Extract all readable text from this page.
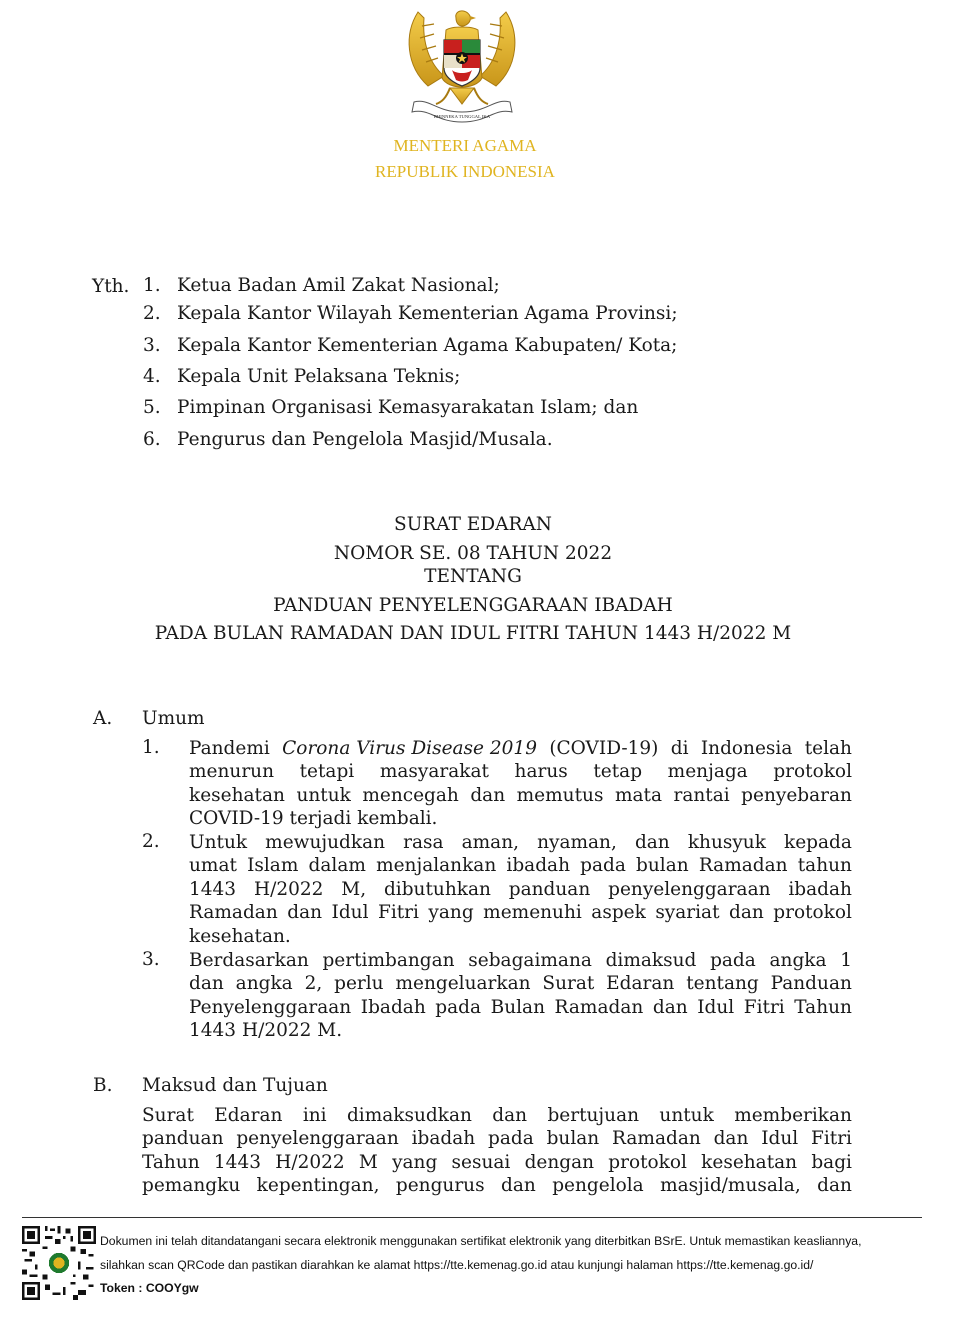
BHINNEKA TUNGGAL IKA
MENTERI AGAMA
REPUBLIK INDONESIA
Yth. 1. Ketua Badan Amil Zakat Nasional;
2. Kepala Kantor Wilayah Kementerian Agama Provinsi;
3. Kepala Kantor Kementerian Agama Kabupaten/ Kota;
4. Kepala Unit Pelaksana Teknis;
5. Pimpinan Organisasi Kemasyarakatan Islam; dan
6. Pengurus dan Pengelola Masjid/Musala.
SURAT EDARAN
NOMOR SE. 08 TAHUN 2022
TENTANG
PANDUAN PENYELENGGARAAN IBADAH
PADA BULAN RAMADAN DAN IDUL FITRI TAHUN 1443 H/2022 M
A. Umum
1. Pandemi Corona Virus Disease 2019 (COVID-19) di Indonesia telah
menurun tetapi masyarakat harus tetap menjaga protokol
kesehatan untuk mencegah dan memutus mata rantai penyebaran
COVID-19 terjadi kembali.
2. Untuk mewujudkan rasa aman, nyaman, dan khusyuk kepada
umat Islam dalam menjalankan ibadah pada bulan Ramadan tahun
1443 H/2022 M, dibutuhkan panduan penyelenggaraan ibadah
Ramadan dan Idul Fitri yang memenuhi aspek syariat dan protokol
kesehatan.
3. Berdasarkan pertimbangan sebagaimana dimaksud pada angka 1
dan angka 2, perlu mengeluarkan Surat Edaran tentang Panduan
Penyelenggaraan Ibadah pada Bulan Ramadan dan Idul Fitri Tahun
1443 H/2022 M.
B. Maksud dan Tujuan
Surat Edaran ini dimaksudkan dan bertujuan untuk memberikan
panduan penyelenggaraan ibadah pada bulan Ramadan dan Idul Fitri
Tahun 1443 H/2022 M yang sesuai dengan protokol kesehatan bagi
pemangku kepentingan, pengurus dan pengelola masjid/musala, dan
Dokumen ini telah ditandatangani secara elektronik menggunakan sertifikat elektronik yang diterbitkan BSrE. Untuk memastikan keasliannya,
silahkan scan QRCode dan pastikan diarahkan ke alamat https://tte.kemenag.go.id atau kunjungi halaman https://tte.kemenag.go.id/
Token : COOYgw
